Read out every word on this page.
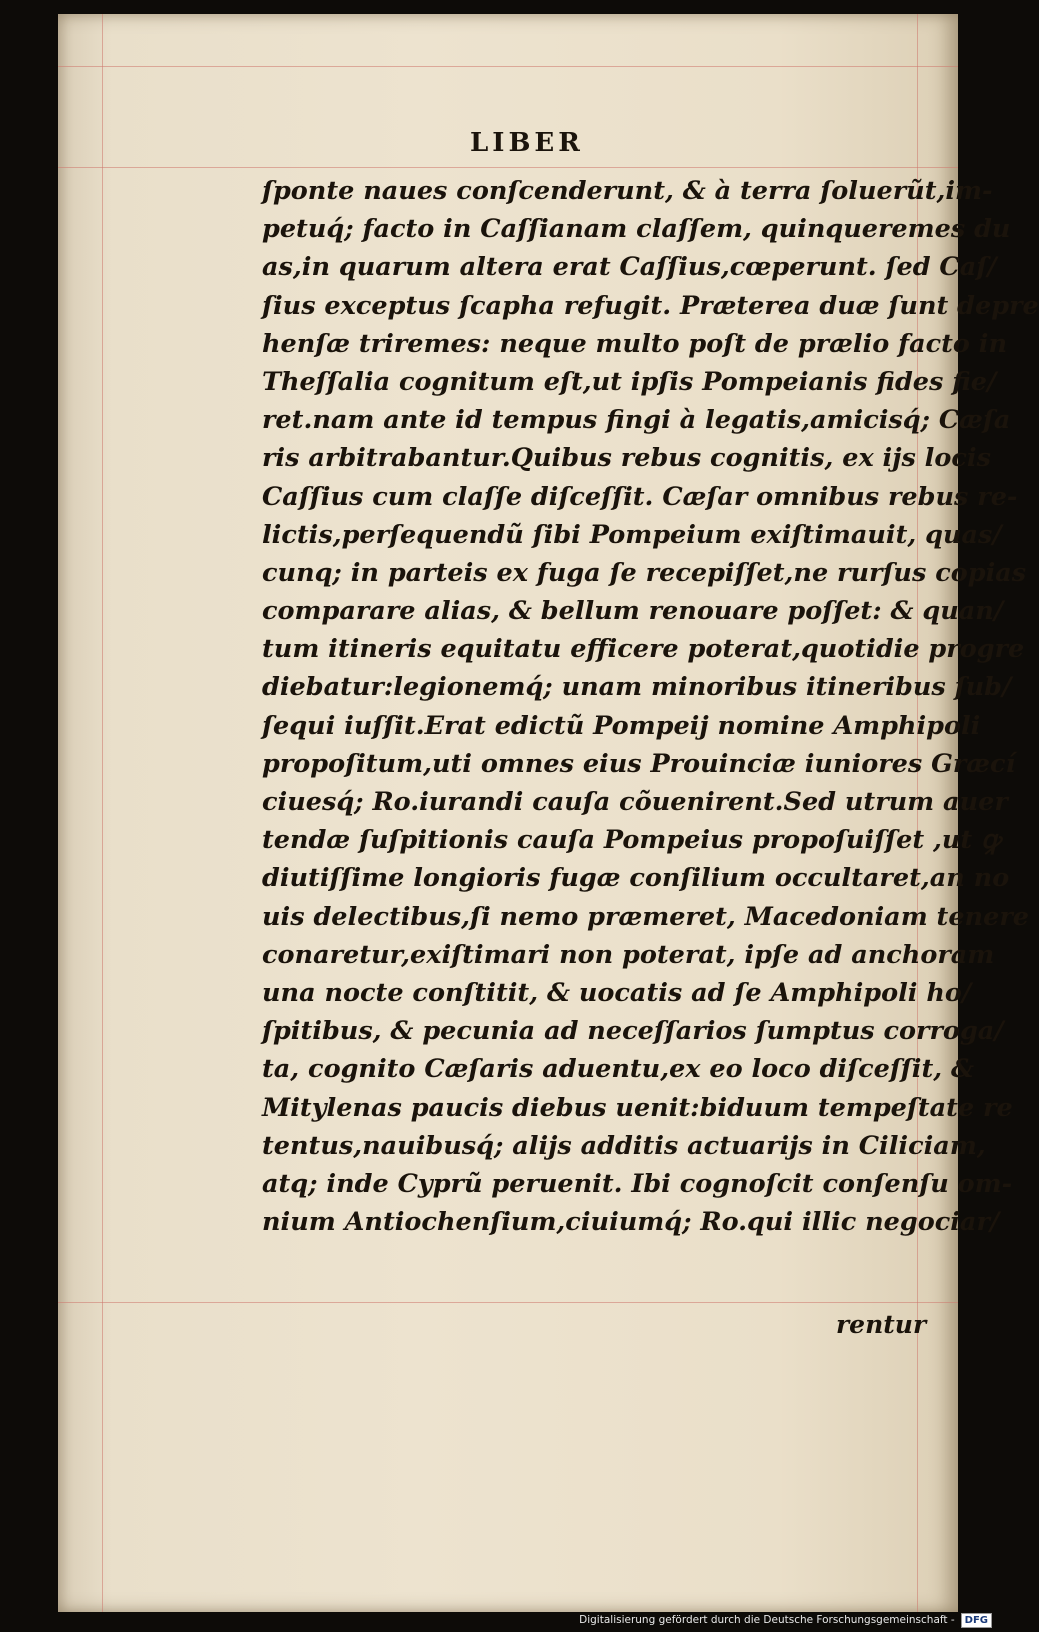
LIBER
ſponte naues conſcenderunt, & à terra ſoluerũt,im-
petuq́; facto in Caſſianam claſſem, quinqueremes du
as,in quarum altera erat Caſſius,cœperunt. ſed Caſ/
ſius exceptus ſcapha refugit. Præterea duæ ſunt depre
henſæ triremes: neque multo poſt de prælio facto in
Theſſalia cognitum eſt,ut ipſis Pompeianis fides fie/
ret.nam ante id tempus fingi à legatis,amicisq́; Cæſa
ris arbitrabantur.Quibus rebus cognitis, ex ijs locis
Caſſius cum claſſe diſceſſit. Cæſar omnibus rebus re-
lictis,perſequendũ ſibi Pompeium exiſtimauit, quas/
cunq; in parteis ex fuga ſe recepiſſet,ne rurſus copias
comparare alias, & bellum renouare poſſet: & quan/
tum itineris equitatu efficere poterat,quotidie progre
diebatur:legionemq́; unam minoribus itineribus ſub/
ſequi iuſſit.Erat edictũ Pompeij nomine Amphipoli
propoſitum,uti omnes eius Prouinciæ iuniores Græcí
ciuesq́; Ro.iurandi cauſa cõuenirent.Sed utrum auer
tendæ ſuſpitionis cauſa Pompeius propoſuiſſet ,ut ꝙ
diutiſſime longioris fugæ conſilium occultaret,an no
uis delectibus,ſi nemo præmeret, Macedoniam tenere
conaretur,exiſtimari non poterat, ipſe ad anchoram
una nocte conſtitit, & uocatis ad ſe Amphipoli ho/
ſpitibus, & pecunia ad neceſſarios ſumptus corroga/
ta, cognito Cæſaris aduentu,ex eo loco diſceſſit, &
Mitylenas paucis diebus uenit:biduum tempeſtate re
tentus,nauibusq́; alijs additis actuarijs in Ciliciam,
atq; inde Cyprũ peruenit. Ibi cognoſcit conſenſu om-
nium Antiochenſium,ciuiumq́; Ro.qui illic negociar/
rentur
Digitalisierung gefördert durch die Deutsche Forschungsgemeinschaft -	DFG
